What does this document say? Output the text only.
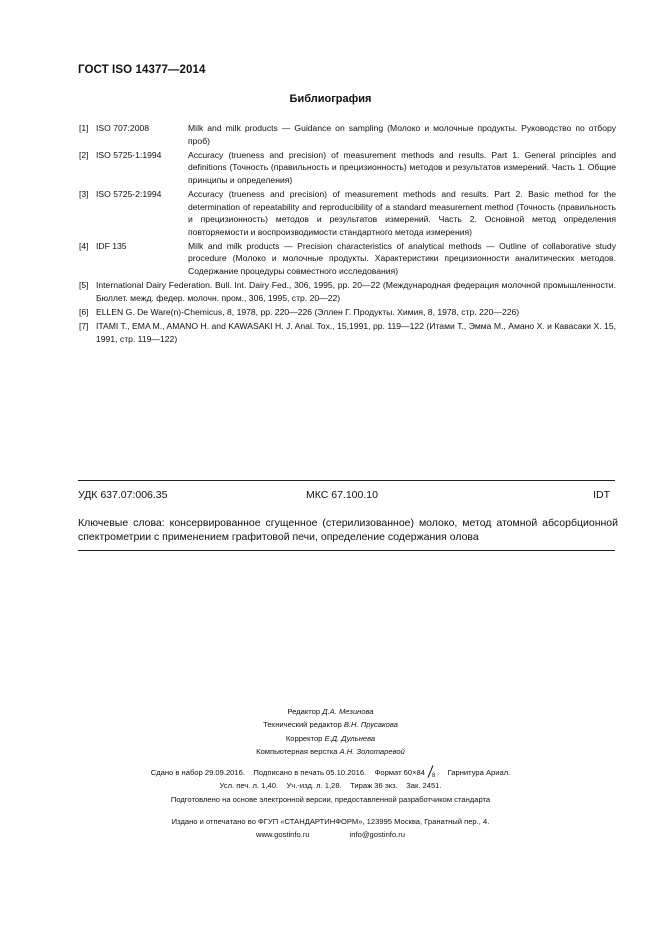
ГОСТ ISO 14377—2014
Библиография
[1] ISO 707:2008	Milk and milk products — Guidance on sampling (Молоко и молочные продукты. Руководство по отбору проб)
[2] ISO 5725-1:1994	Accuracy (trueness and precision) of measurement methods and results. Part 1. General principles and definitions (Точность (правильность и прецизионность) методов и результатов измерений. Часть 1. Общие принципы и определения)
[3] ISO 5725-2:1994	Accuracy (trueness and precision) of measurement methods and results. Part 2. Basic method for the determination of repeatability and reproducibility of a standard measurement method (Точность (правильность и прецизионность) методов и результатов измерений. Часть 2. Основной метод определения повторяемости и воспроизводимости стандартного метода измерения)
[4] IDF 135	Milk and milk products — Precision characteristics of analytical methods — Outline of collaborative study procedure (Молоко и молочные продукты. Характеристики прецизионности аналитических методов. Содержание процедуры совместного исследования)
[5] International Dairy Federation. Bull. Int. Dairy Fed., 306, 1995, pp. 20—22 (Международная федерация молочной промышленности. Бюллет. межд. федер. молочн. пром., 306, 1995, стр. 20—22)
[6] ELLEN G. De Ware(n)-Chemicus, 8, 1978, pp. 220—226 (Эллен Г. Продукты. Химия, 8, 1978, стр. 220—226)
[7] ITAMI T., EMA M., AMANO H. and KAWASAKI H. J. Anal. Tox., 15,1991, pp. 119—122 (Итами Т., Эмма М., Амано Х. и Кавасаки Х. 15, 1991, стр. 119—122)
УДК 637.07:006.35	МКС 67.100.10	IDT
Ключевые слова: консервированное сгущенное (стерилизованное) молоко, метод атомной абсорбционной спектрометрии с применением графитовой печи, определение содержания олова
Редактор Д.А. Мезинова
Технический редактор В.Н. Прусакова
Корректор Е.Д. Дульнева
Компьютерная верстка А.Н. Золотаревой
Сдано в набор 29.09.2016.    Подписано в печать 05.10.2016.    Формат 60×84 8 .    Гарнитура Ариал.
Усл. печ. л. 1,40.    Уч.-изд. л. 1,28.    Тираж 36 экз.    Зак. 2451.
Подготовлено на основе электронной версии, предоставленной разработчиком стандарта
Издано и отпечатано во ФГУП «СТАНДАРТИНФОРМ», 123995 Москва, Гранатный пер., 4.
www.gostinfo.ru	info@gostinfo.ru
